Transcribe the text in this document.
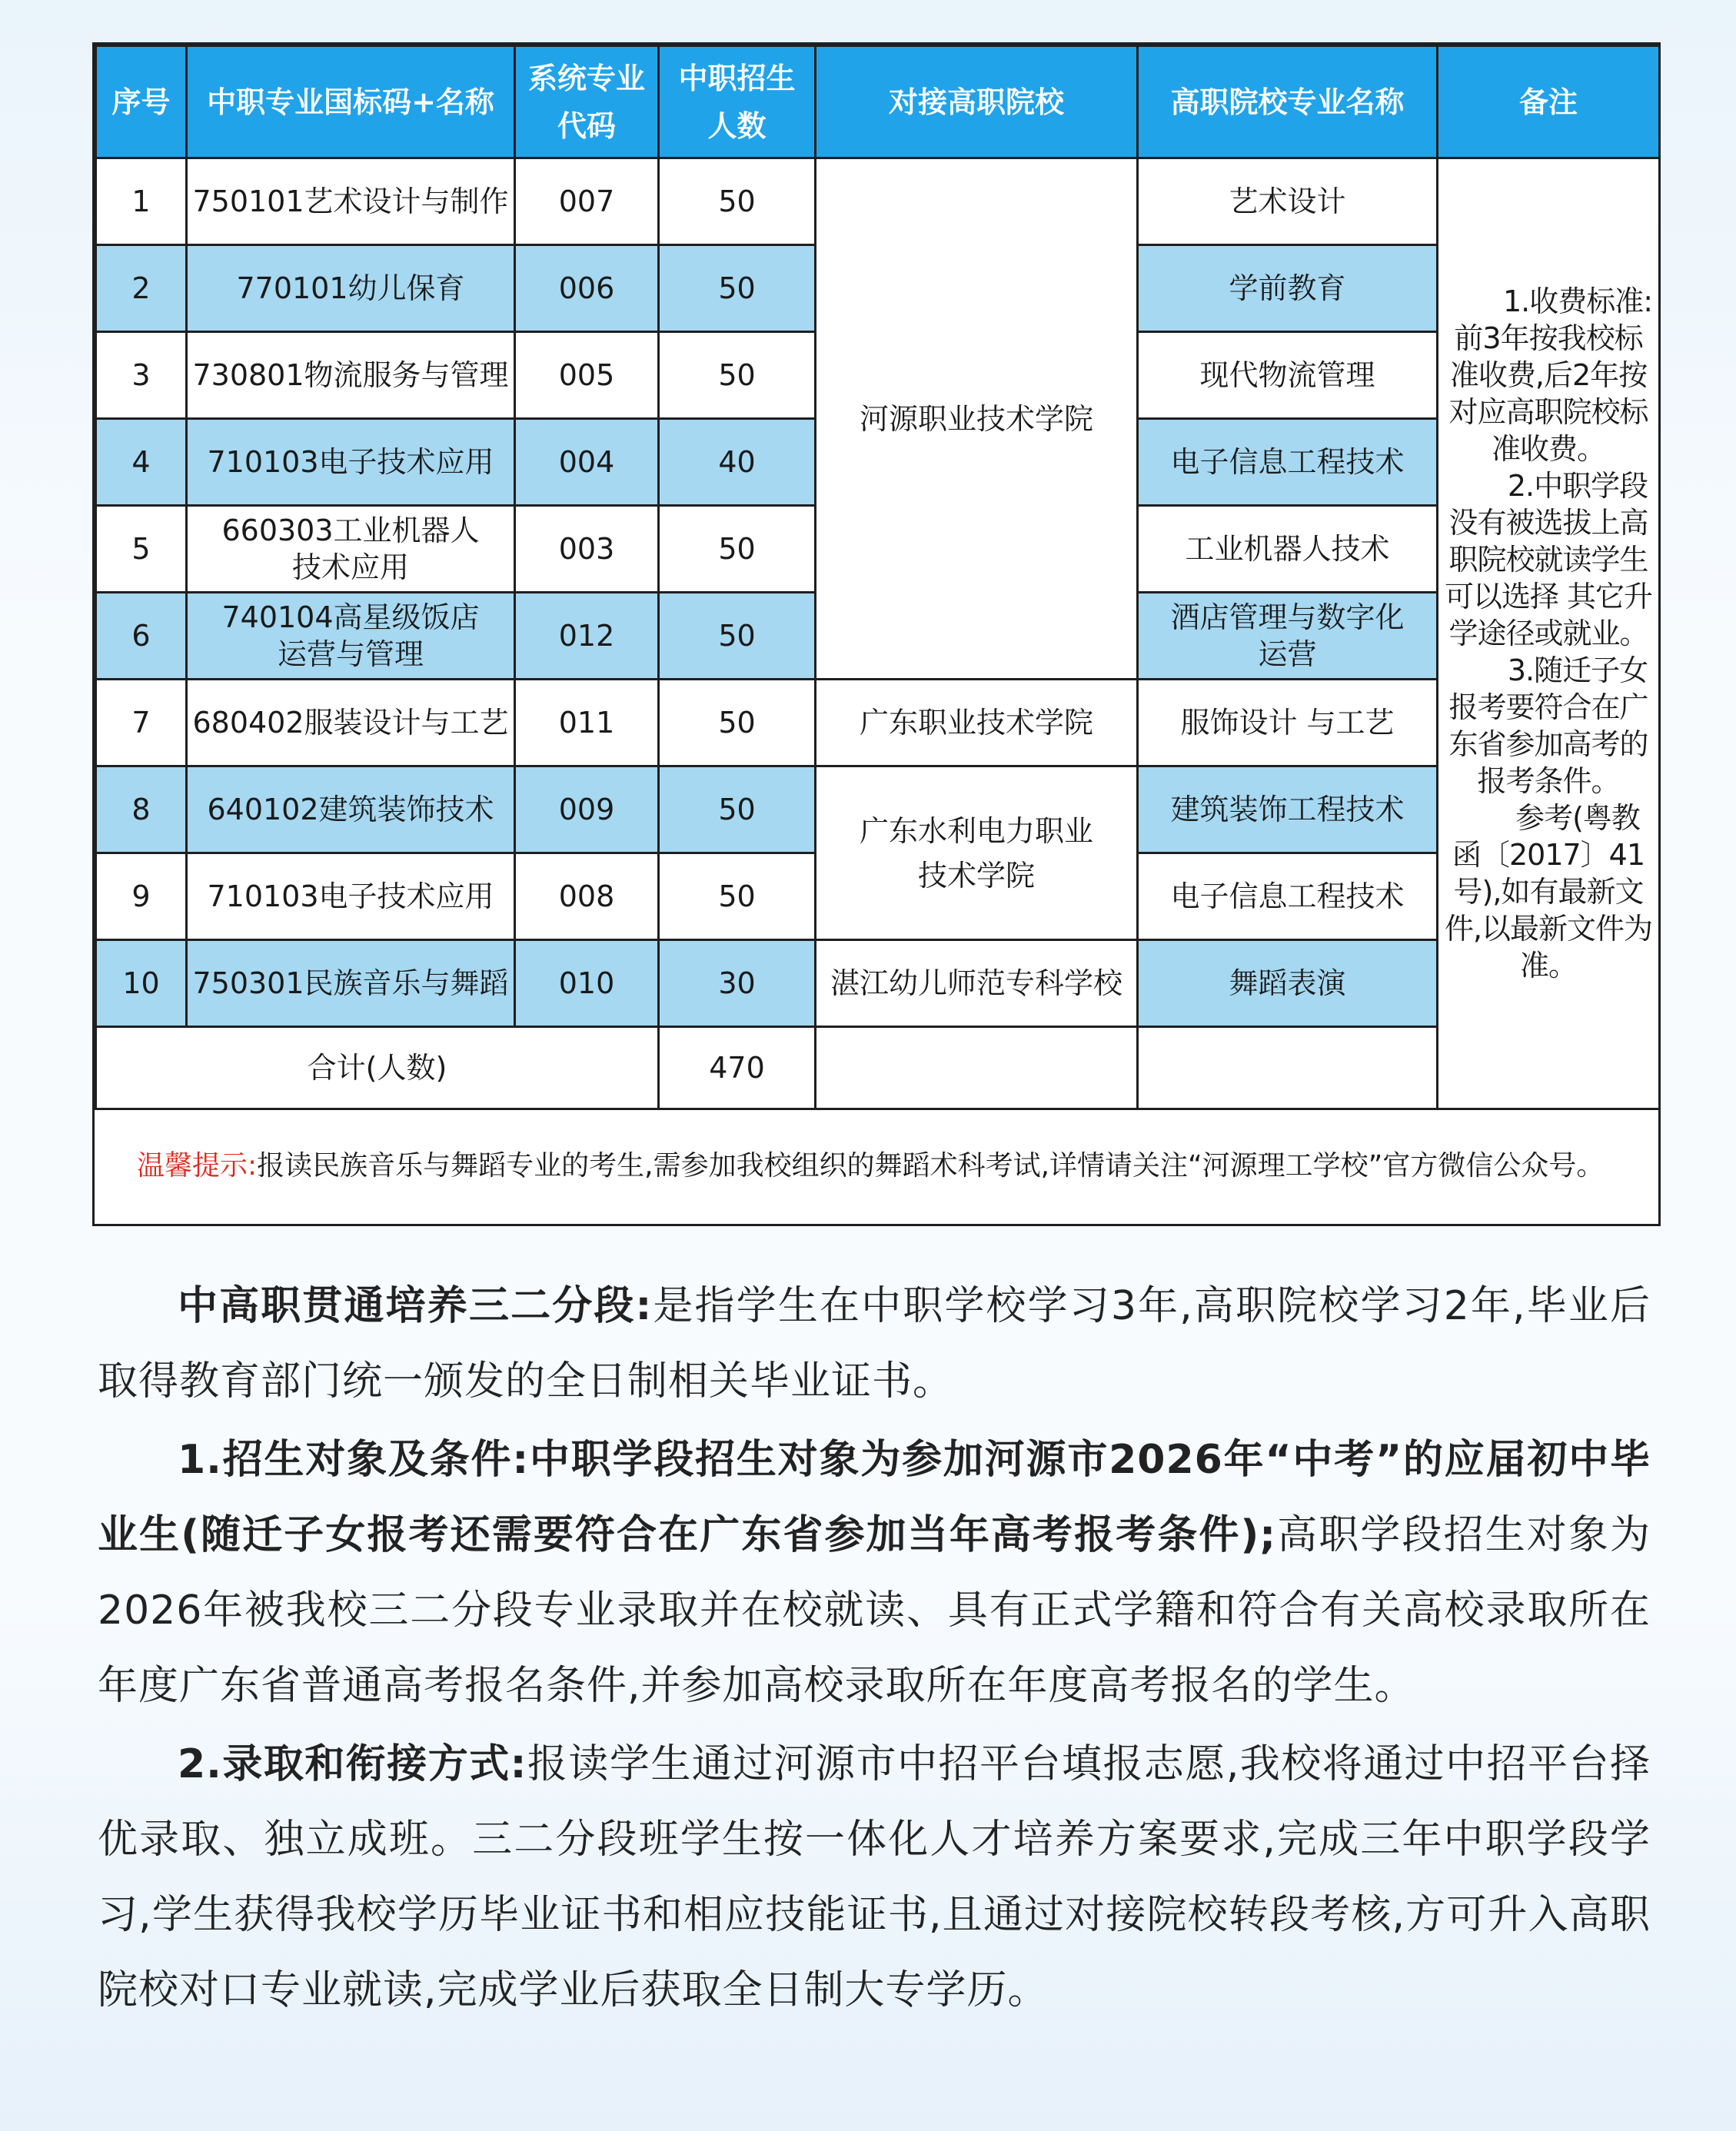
序号	中职专业国标码+名称	系统专业代码	中职招生人数	对接高职院校	高职院校专业名称	备注
1	750101艺术设计与制作	007	50	河源职业技术学院	艺术设计	1.收费标准:前3年按我校标准收费,后2年按对应高职院校标准收费。

2.中职学段没有被选拔上高职院校就读学生可以选择 其它升学途径或就业。

3.随迁子女报考要符合在广东省参加高考的报考条件。

参考(粤教函〔2017〕41号),如有最新文件,以最新文件为准。

2	770101幼儿保育	006	50		学前教育	
3	730801物流服务与管理	005	50		现代物流管理	
4	710103电子技术应用	004	40		电子信息工程技术	
5	660303工业机器人技术应用	003	50		工业机器人技术	
6	740104高星级饭店运营与管理	012	50		酒店管理与数字化运营	
7	680402服装设计与工艺	011	50	广东职业技术学院	服饰设计 与工艺	
8	640102建筑装饰技术	009	50	广东水利电力职业技术学院	建筑装饰工程技术	
9	710103电子技术应用	008	50		电子信息工程技术	
10	750301民族音乐与舞蹈	010	30	湛江幼儿师范专科学校	舞蹈表演	
合计(人数)			470			
温馨提示: 报读民族音乐与舞蹈专业的考生,需参加我校组织的舞蹈术科考试,详情请关注“河源理工学校”官方微信公众号。

中高职贯通培养三二分段:是指学生在中职学校学习3年,高职院校学习2年,毕业后取得教育部门统一颁发的全日制相关毕业证书。

1.招生对象及条件:中职学段招生对象为参加河源市2026年“中考”的应届初中毕业生(随迁子女报考还需要符合在广东省参加当年高考报考条件);高职学段招生对象为2026年被我校三二分段专业录取并在校就读、具有正式学籍和符合有关高校录取所在年度广东省普通高考报名条件,并参加高校录取所在年度高考报名的学生。

2.录取和衔接方式:报读学生通过河源市中招平台填报志愿,我校将通过中招平台择优录取、独立成班。三二分段班学生按一体化人才培养方案要求,完成三年中职学段学习,学生获得我校学历毕业证书和相应技能证书,且通过对接院校转段考核,方可升入高职院校对口专业就读,完成学业后获取全日制大专学历。
